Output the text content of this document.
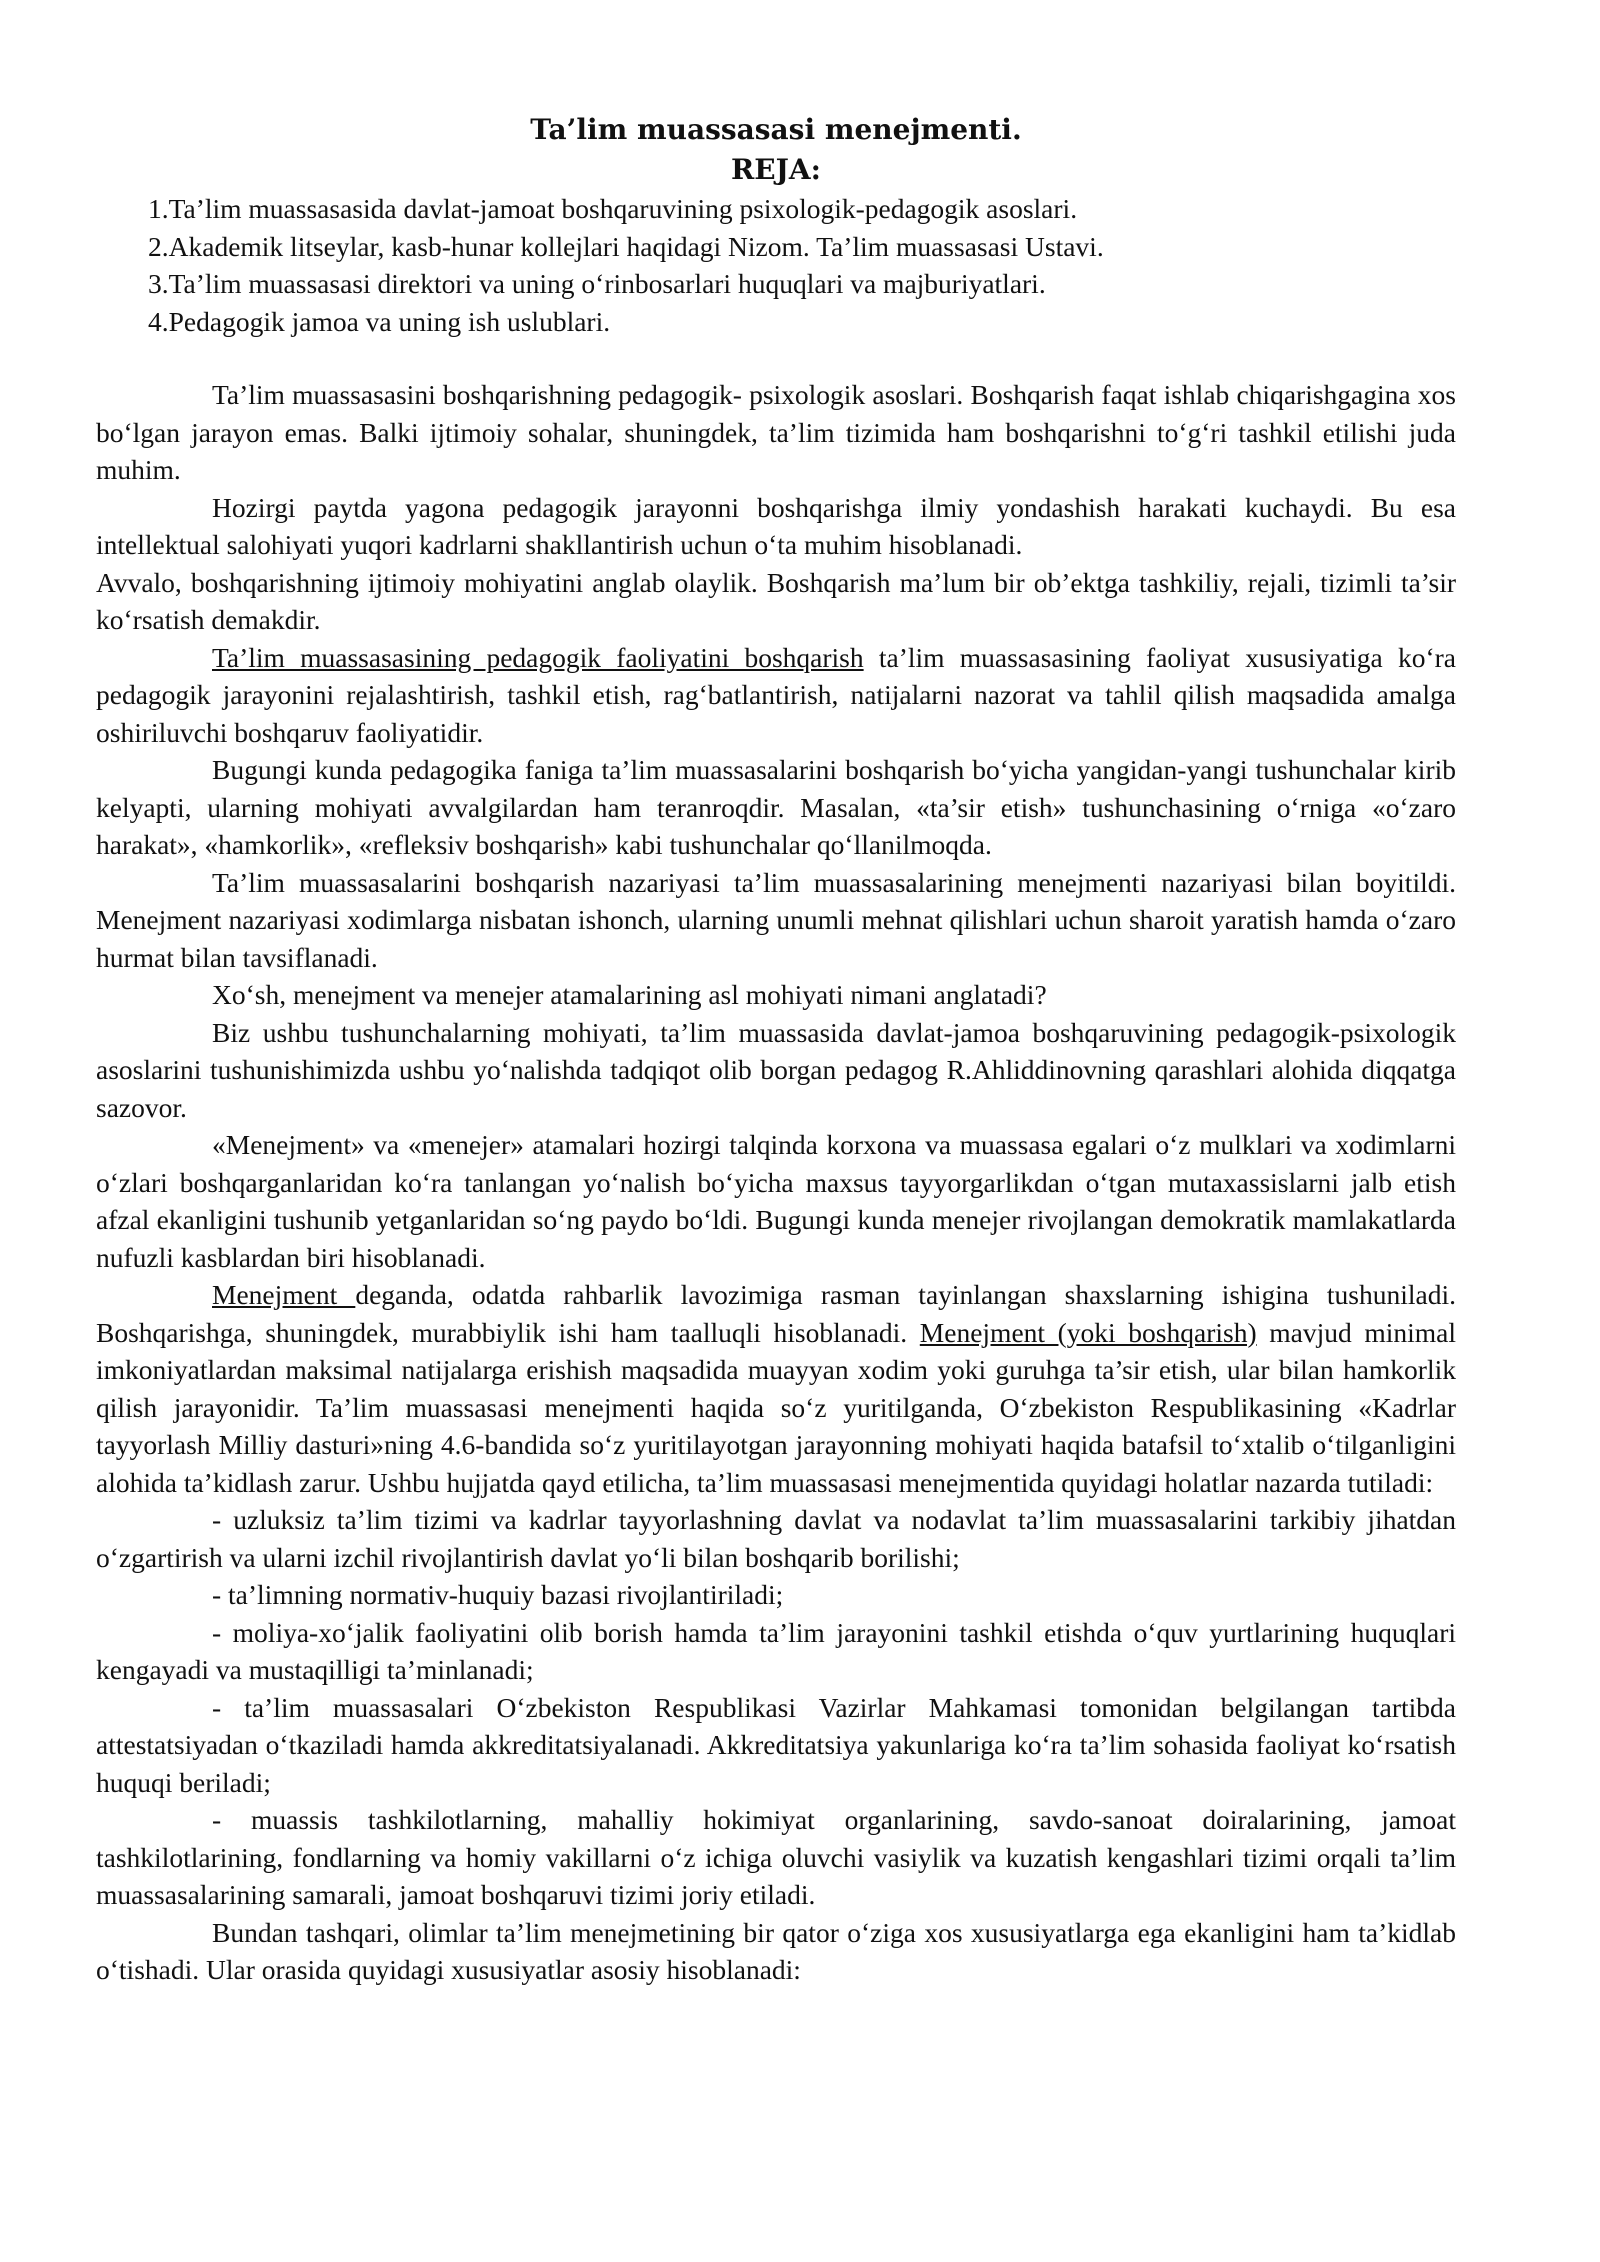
Ta’lim muassasasi menejmenti.
REJA:
1.Ta’lim muassasasida davlat-jamoat boshqaruvining psixologik-pedagogik asoslari.
2.Akademik litseylar, kasb-hunar kollejlari haqidagi Nizom. Ta’lim muassasasi Ustavi.
3.Ta’lim muassasasi direktori va uning o‘rinbosarlari huquqlari va majburiyatlari.
4.Pedagogik jamoa va uning ish uslublari.

Ta’lim muassasasini boshqarishning pedagogik- psixologik asoslari. Boshqarish faqat ishlab chiqarishgagina xos bo‘lgan jarayon emas. Balki ijtimoiy sohalar, shuningdek, ta’lim tizimida ham boshqarishni to‘g‘ri tashkil etilishi juda muhim.

Hozirgi paytda yagona pedagogik jarayonni boshqarishga ilmiy yondashish harakati kuchaydi. Bu esa intellektual salohiyati yuqori kadrlarni shakllantirish uchun o‘ta muhim hisoblanadi.

Avvalo, boshqarishning ijtimoiy mohiyatini anglab olaylik. Boshqarish ma’lum bir ob’ektga tashkiliy, rejali, tizimli ta’sir ko‘rsatish demakdir.

Ta’lim muassasasining pedagogik faoliyatini boshqarish ta’lim muassasasining faoliyat xususiyatiga ko‘ra pedagogik jarayonini rejalashtirish, tashkil etish, rag‘batlantirish, natijalarni nazorat va tahlil qilish maqsadida amalga oshiriluvchi boshqaruv faoliyatidir.

Bugungi kunda pedagogika faniga ta’lim muassasalarini boshqarish bo‘yicha yangidan-yangi tushunchalar kirib kelyapti, ularning mohiyati avvalgilardan ham teranroqdir. Masalan, «ta’sir etish» tushunchasining o‘rniga «o‘zaro harakat», «hamkorlik», «refleksiv boshqarish» kabi tushunchalar qo‘llanilmoqda.

Ta’lim muassasalarini boshqarish nazariyasi ta’lim muassasalarining menejmenti nazariyasi bilan boyitildi. Menejment nazariyasi xodimlarga nisbatan ishonch, ularning unumli mehnat qilishlari uchun sharoit yaratish hamda o‘zaro hurmat bilan tavsiflanadi.

Xo‘sh, menejment va menejer atamalarining asl mohiyati nimani anglatadi?

Biz ushbu tushunchalarning mohiyati, ta’lim muassasida davlat-jamoa boshqaruvining pedagogik-psixologik asoslarini tushunishimizda ushbu yo‘nalishda tadqiqot olib borgan pedagog R.Ahliddinovning qarashlari alohida diqqatga sazovor.

«Menejment» va «menejer» atamalari hozirgi talqinda korxona va muassasa egalari o‘z mulklari va xodimlarni o‘zlari boshqarganlaridan ko‘ra tanlangan yo‘nalish bo‘yicha maxsus tayyorgarlikdan o‘tgan mutaxassislarni jalb etish afzal ekanligini tushunib yetganlaridan so‘ng paydo bo‘ldi. Bugungi kunda menejer rivojlangan demokratik mamlakatlarda nufuzli kasblardan biri hisoblanadi.

Menejment deganda, odatda rahbarlik lavozimiga rasman tayinlangan shaxslarning ishigina tushuniladi. Boshqarishga, shuningdek, murabbiylik ishi ham taalluqli hisoblanadi. Menejment (yoki boshqarish) mavjud minimal imkoniyatlardan maksimal natijalarga erishish maqsadida muayyan xodim yoki guruhga ta’sir etish, ular bilan hamkorlik qilish jarayonidir. Ta’lim muassasasi menejmenti haqida so‘z yuritilganda, O‘zbekiston Respublikasining «Kadrlar tayyorlash Milliy dasturi»ning 4.6-bandida so‘z yuritilayotgan jarayonning mohiyati haqida batafsil to‘xtalib o‘tilganligini alohida ta’kidlash zarur. Ushbu hujjatda qayd etilicha, ta’lim muassasasi menejmentida quyidagi holatlar nazarda tutiladi:

- uzluksiz ta’lim tizimi va kadrlar tayyorlashning davlat va nodavlat ta’lim muassasalarini tarkibiy jihatdan o‘zgartirish va ularni izchil rivojlantirish davlat yo‘li bilan boshqarib borilishi;

- ta’limning normativ-huquiy bazasi rivojlantiriladi;

- moliya-xo‘jalik faoliyatini olib borish hamda ta’lim jarayonini tashkil etishda o‘quv yurtlarining huquqlari kengayadi va mustaqilligi ta’minlanadi;

- ta’lim muassasalari O‘zbekiston Respublikasi Vazirlar Mahkamasi tomonidan belgilangan tartibda attestatsiyadan o‘tkaziladi hamda akkreditatsiyalanadi. Akkreditatsiya yakunlariga ko‘ra ta’lim sohasida faoliyat ko‘rsatish huquqi beriladi;

- muassis tashkilotlarning, mahalliy hokimiyat organlarining, savdo-sanoat doiralarining, jamoat tashkilotlarining, fondlarning va homiy vakillarni o‘z ichiga oluvchi vasiylik va kuzatish kengashlari tizimi orqali ta’lim muassasalarining samarali, jamoat boshqaruvi tizimi joriy etiladi.

Bundan tashqari, olimlar ta’lim menejmetining bir qator o‘ziga xos xususiyatlarga ega ekanligini ham ta’kidlab o‘tishadi. Ular orasida quyidagi xususiyatlar asosiy hisoblanadi:
